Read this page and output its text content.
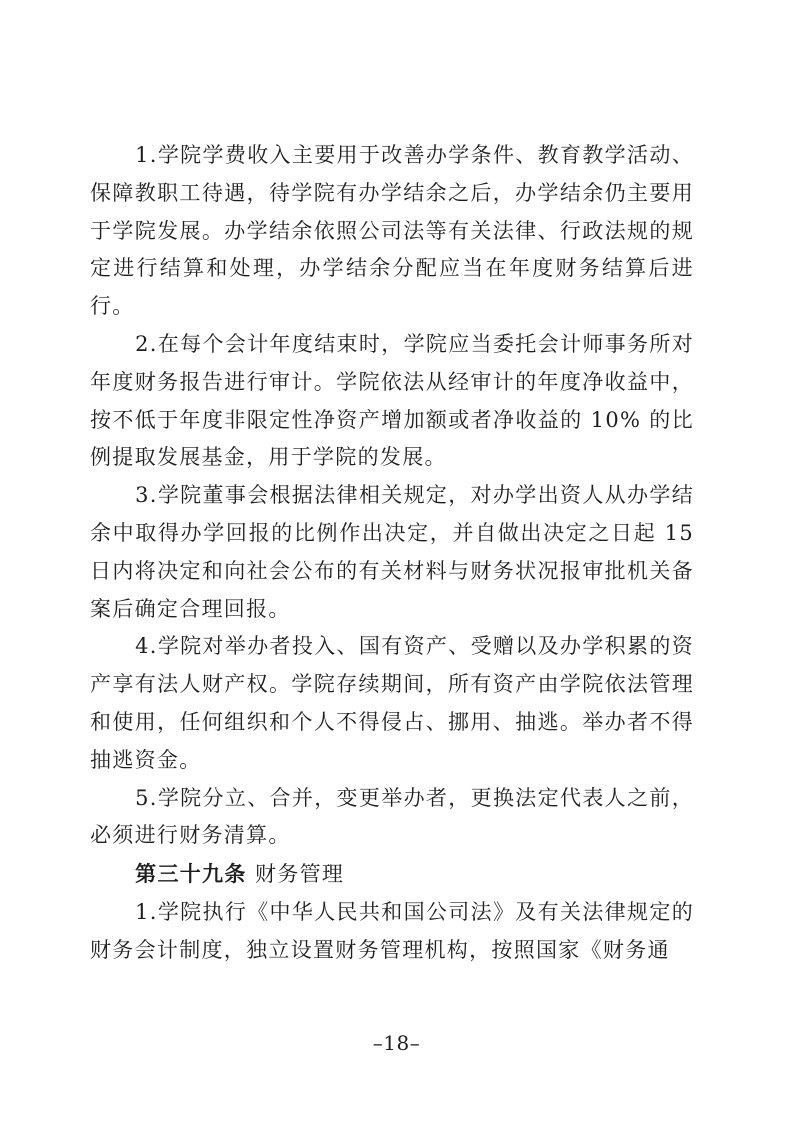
1.学院学费收入主要用于改善办学条件、教育教学活动、保障教职工待遇，待学院有办学结余之后，办学结余仍主要用于学院发展。办学结余依照公司法等有关法律、行政法规的规定进行结算和处理，办学结余分配应当在年度财务结算后进行。

2.在每个会计年度结束时，学院应当委托会计师事务所对年度财务报告进行审计。学院依法从经审计的年度净收益中，按不低于年度非限定性净资产增加额或者净收益的 10% 的比例提取发展基金，用于学院的发展。

3.学院董事会根据法律相关规定，对办学出资人从办学结余中取得办学回报的比例作出决定，并自做出决定之日起 15 日内将决定和向社会公布的有关材料与财务状况报审批机关备案后确定合理回报。

4.学院对举办者投入、国有资产、受赠以及办学积累的资产享有法人财产权。学院存续期间，所有资产由学院依法管理和使用，任何组织和个人不得侵占、挪用、抽逃。举办者不得抽逃资金。

5.学院分立、合并，变更举办者，更换法定代表人之前，必须进行财务清算。

第三十九条 财务管理

1.学院执行《中华人民共和国公司法》及有关法律规定的财务会计制度，独立设置财务管理机构，按照国家《财务通

–18–
